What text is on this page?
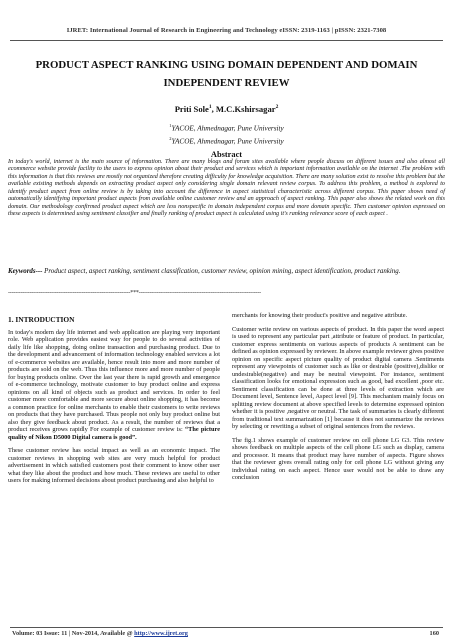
IJRET: International Journal of Research in Engineering and Technology eISSN: 2319-1163 | pISSN: 2321-7308
PRODUCT ASPECT RANKING USING DOMAIN DEPENDENT AND DOMAIN INDEPENDENT REVIEW
Priti Sole$^1$, M.C.Kshirsagar$^2$
$^1$YACOE, Ahmednagar, Pune University
$^2$YACOE, Ahmednagar, Pune University
Abstract
In today's world, internet is the main source of information. There are many blogs and forum sites available where people discuss on different issues and also almost all ecommerce website provide facility to the users to express opinion about their product and services which is important information available on the internet .The problem with this information is that this reviews are mostly not organized therefore creating difficulty for knowledge acquisition. There are many solution exist to resolve this problem but the available existing methods depends on extracting product aspect only considering single domain relevant review corpus. To address this problem, a method is explored to identify product aspect from online review is by taking into account the difference in aspect statistical characteristic across different corpus. This paper shows need of automatically identifying important product aspects from available online customer review and an approach of aspect ranking. This paper also shows the related work on this domain. Our methodology confirmed product aspect which are less nonspecific in domain independent corpus and more domain specific. Then customer opinion expressed on these aspects is determined using sentiment classifier and finally ranking of product aspect is calculated using it's ranking relevance score of each aspect .
Keywords--- Product aspect, aspect ranking, sentiment classification, customer review, opinion mining, aspect identification, product ranking.
--------------------------------------------------------------------***--------------------------------------------------------------------
1. INTRODUCTION

In today's modern day life internet and web application are playing very important role. Web application provides easiest way for people to do several activities of daily life like shopping, doing online transaction and purchasing product. Due to the development and advancement of information technology enabled services a lot of e-commerce websites are available, hence result into more and more number of products are sold on the web. Thus this influence more and more number of people for buying products online. Over the last year there is rapid growth and emergence of e-commerce technology, motivate customer to buy product online and express opinions on all kind of objects such as product and services. In order to feel customer more comfortable and more secure about online shopping, it has become a common practice for online merchants to enable their customers to write reviews on products that they have purchased. Thus people not only buy product online but also they give feedback about product. As a result, the number of reviews that a product receives grows rapidly For example of customer review is: “The picture quality of Nikon D5000 Digital camera is good”.

These customer review has social impact as well as an economic impact. The customer reviews in shopping web sites are very much helpful for product advertisement in which satisfied customers post their comment to know other user what they like about the product and how much. These reviews are useful to other users for making informed decisions about product purchasing and also helpful to

merchants for knowing their product's positive and negative attribute.

Customer write review on various aspects of product. In this paper the word aspect is used to represent any particular part ,attribute or feature of product. In particular, customer express sentiments on various aspects of products A sentiment can be defined as opinion expressed by reviewer. In above example reviewer gives positive opinion on specific aspect picture quality of product digital camera .Sentiments represent any viewpoints of customer such as like or desirable (positive),dislike or undesirable(negative) and may be neutral viewpoint. For instance, sentiment classification looks for emotional expression such as good, bad excellent ,poor etc. Sentiment classification can be done at three levels of extraction which are Document level, Sentence level, Aspect level [9]. This mechanism mainly focus on splitting review document at above specified levels to determine expressed opinion whether it is positive ,negative or neutral. The task of summaries is clearly different from traditional text summarization [1] because it does not summarize the reviews by selecting or rewriting a subset of original sentences from the reviews.

The fig.1 shows example of customer review on cell phone LG G3. This review shows feedback on multiple aspects of the cell phone LG such as display, camera and processor. It means that product may have number of aspects. Figure shows that the reviewer gives overall rating only for cell phone LG without giving any individual rating on each aspect. Hence user would not be able to draw any conclusion

Volume: 03 Issue: 11 | Nov-2014, Available @ http://www.ijret.org	160
